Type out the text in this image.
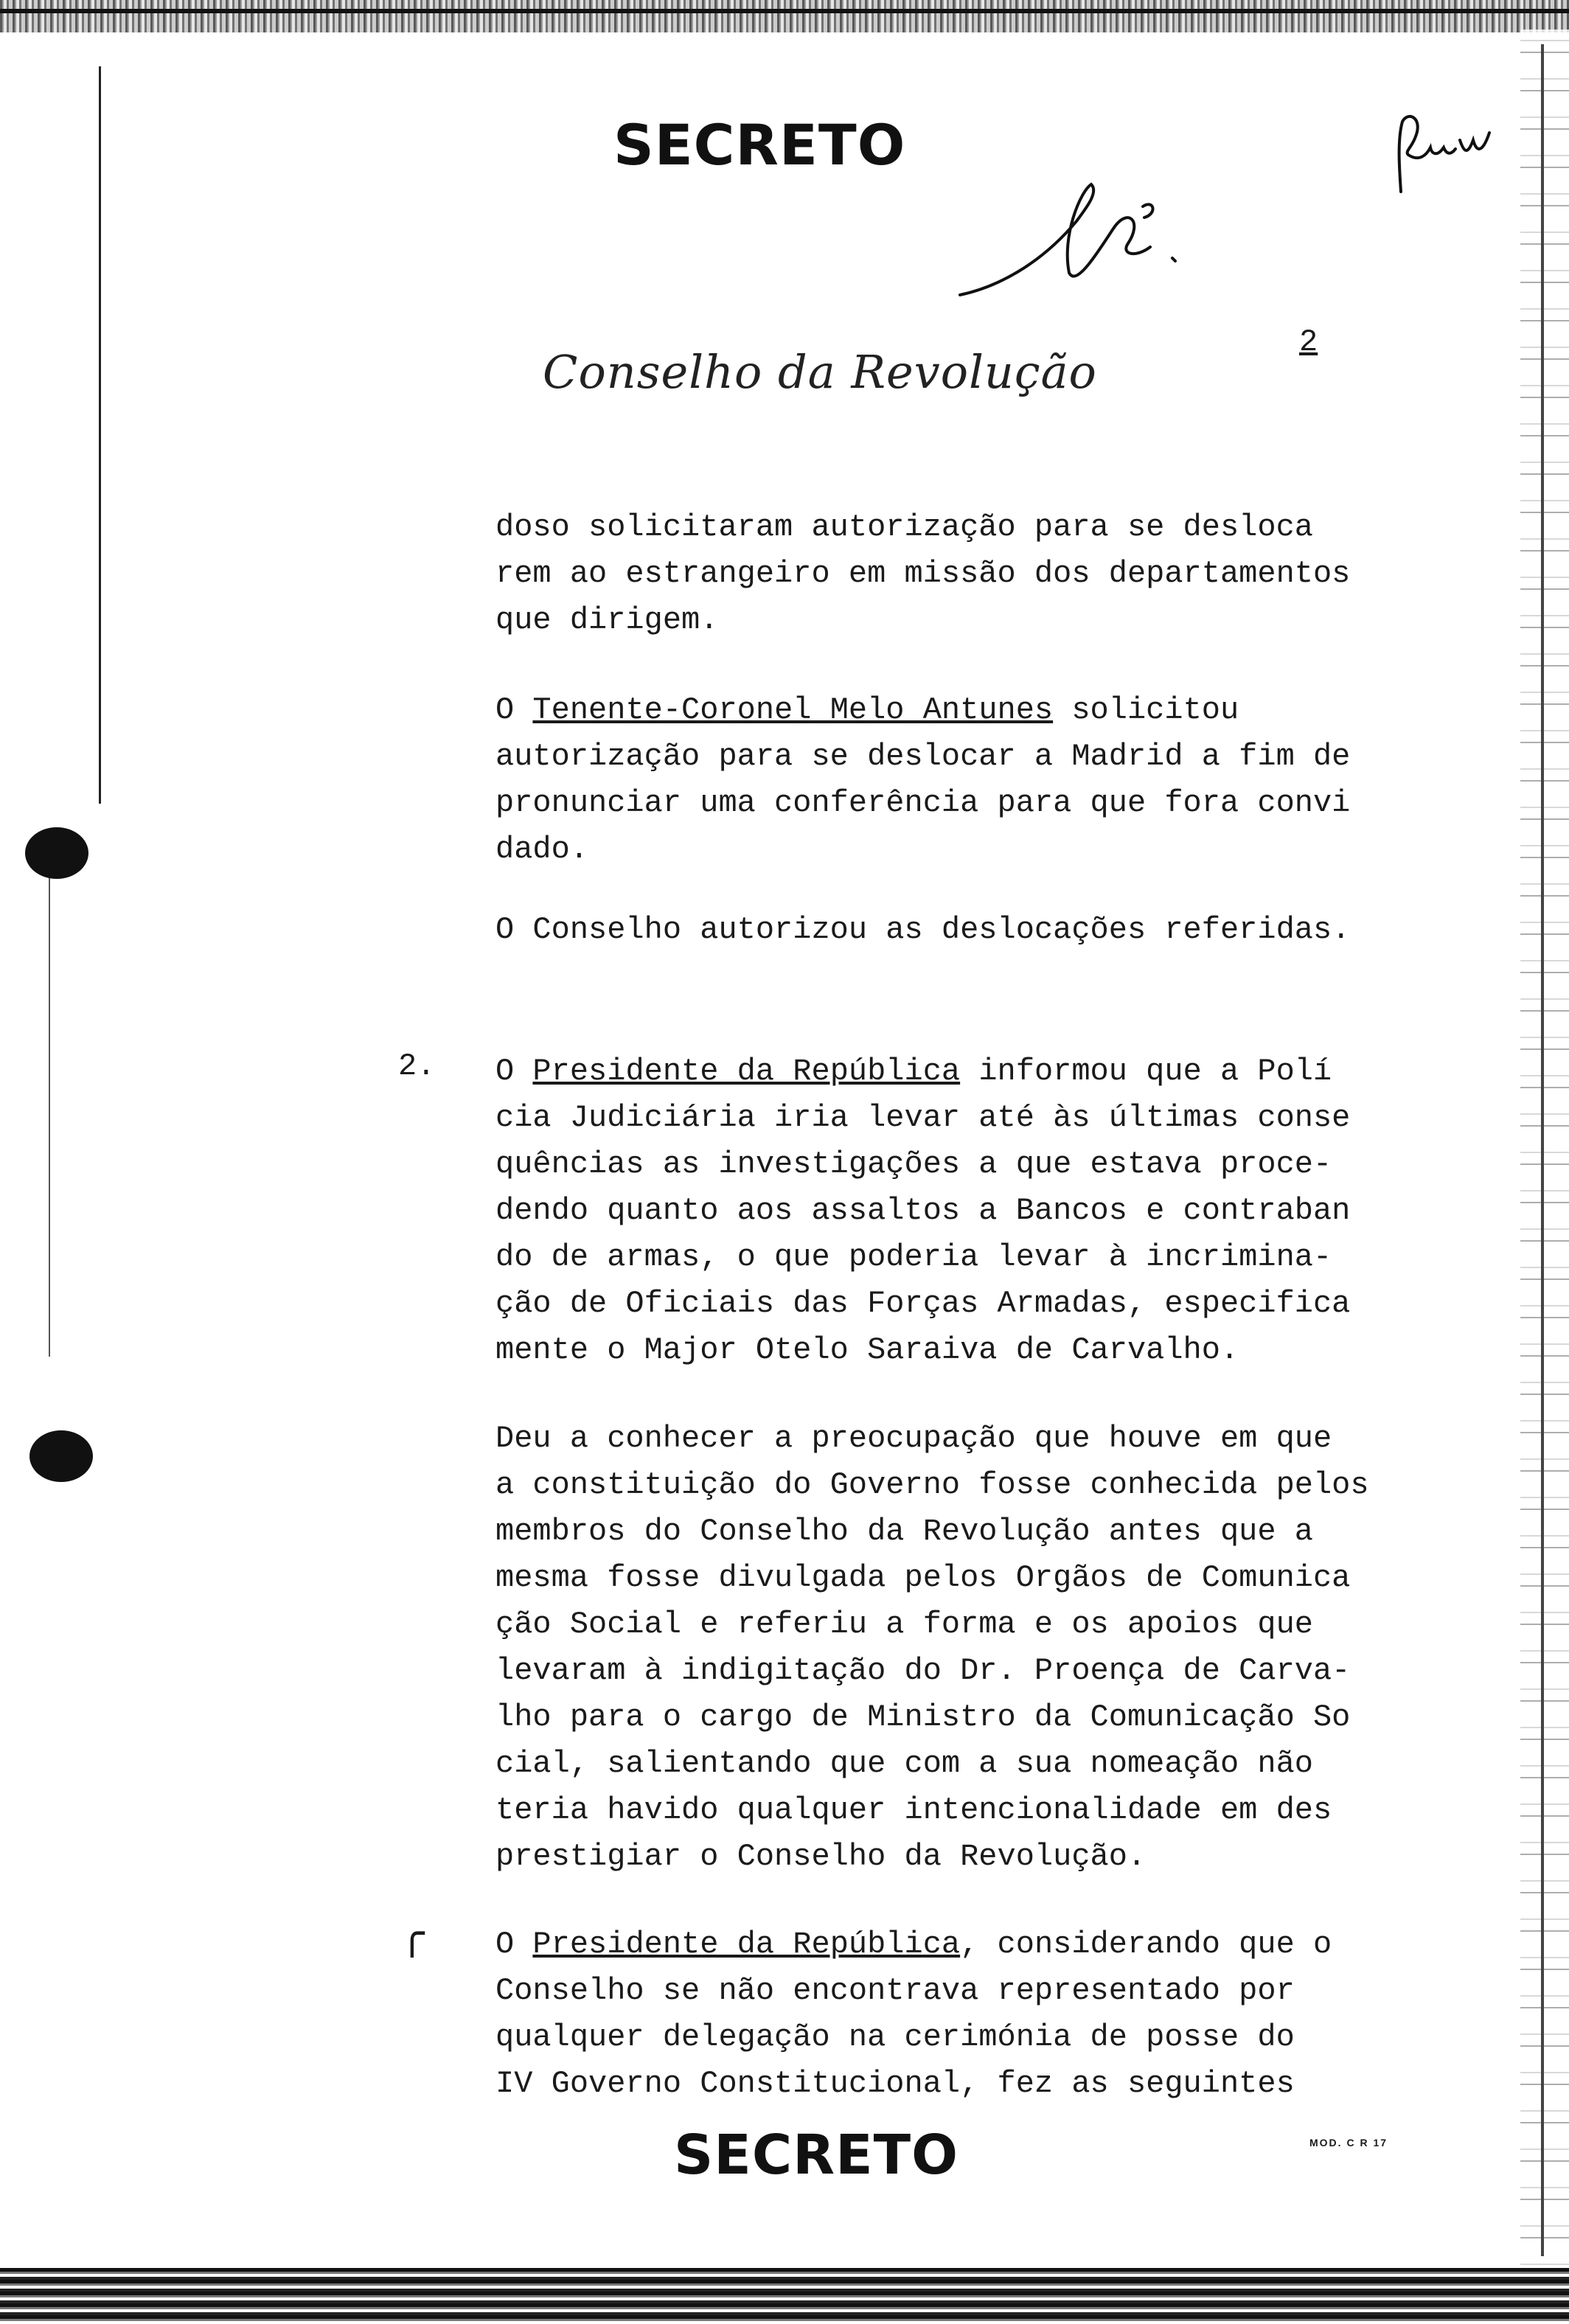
SECRETO
Conselho da Revolução
2
doso solicitaram autorização para se desloca
rem ao estrangeiro em missão dos departamentos
que dirigem.
O Tenente-Coronel Melo Antunes solicitou
autorização para se deslocar a Madrid a fim de
pronunciar uma conferência para que fora convi
dado.
O Conselho autorizou as deslocações referidas.
2. O Presidente da República informou que a Polí
cia Judiciária iria levar até às últimas conse
quências as investigações a que estava proce-
dendo quanto aos assaltos a Bancos e contraban
do de armas, o que poderia levar à incrimina-
ção de Oficiais das Forças Armadas, especifica
mente o Major Otelo Saraiva de Carvalho.
Deu a conhecer a preocupação que houve em que
a constituição do Governo fosse conhecida pelos
membros do Conselho da Revolução antes que a
mesma fosse divulgada pelos Orgãos de Comunica
ção Social e referiu a forma e os apoios que
levaram à indigitação do Dr. Proença de Carva-
lho para o cargo de Ministro da Comunicação So
cial, salientando que com a sua nomeação não
teria havido qualquer intencionalidade em des
prestigiar o Conselho da Revolução.
╭ O Presidente da República, considerando que o
Conselho se não encontrava representado por
qualquer delegação na cerimónia de posse do
IV Governo Constitucional, fez as seguintes
SECRETO	MOD. C R 17
